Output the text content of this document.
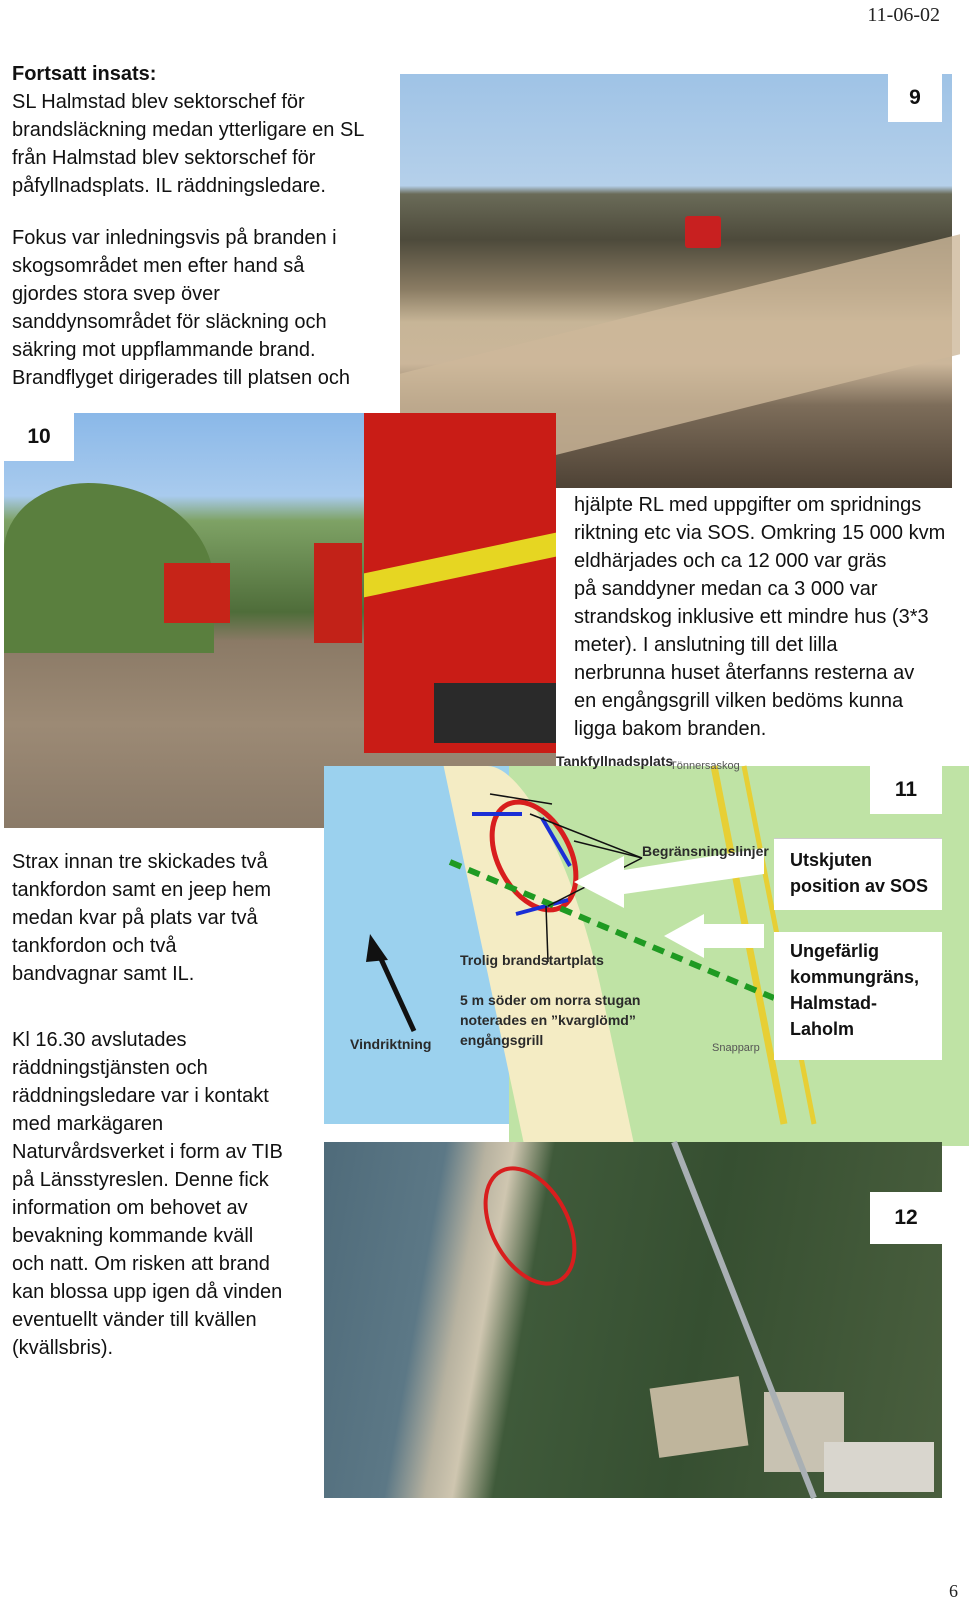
11-06-02

Fortsatt insats:

SL Halmstad blev sektorschef för

brandsläckning medan ytterligare en SL

från Halmstad blev sektorschef för

påfyllnadsplats. IL räddningsledare.

Fokus var inledningsvis på branden i

skogsområdet men efter hand så

gjordes stora svep över

sanddynsområdet för släckning och

säkring mot uppflammande brand.

Brandflyget dirigerades till platsen och

9
10

hjälpte RL med uppgifter om spridnings

riktning etc via SOS. Omkring 15 000 kvm

eldhärjades och ca 12 000 var gräs

på sanddyner medan ca 3 000 var

strandskog inklusive ett mindre hus (3*3

meter). I anslutning till det lilla

nerbrunna huset återfanns resterna av

en engångsgrill vilken bedöms kunna

ligga bakom branden.

Tankfyllnadsplats
Begränsningslinjer
Trolig brandstartplats
5 m söder om norra stugan
noterades en ”kvarglömd”
engångsgrill
Vindriktning
Tönnersaskog
Snapparp
11
Utskjuten
position av SOS
Ungefärlig
kommungräns,
Halmstad-
Laholm

Strax innan tre skickades två

tankfordon samt en jeep hem

medan kvar på plats var två

tankfordon och två

bandvagnar samt IL.

Kl 16.30 avslutades

räddningstjänsten och

räddningsledare var i kontakt

med markägaren

Naturvårdsverket i form av TIB

på Länsstyreslen. Denne fick

information om behovet av

bevakning kommande kväll

och natt. Om risken att brand

kan blossa upp igen då vinden

eventuellt vänder till kvällen

(kvällsbris).

12
6
